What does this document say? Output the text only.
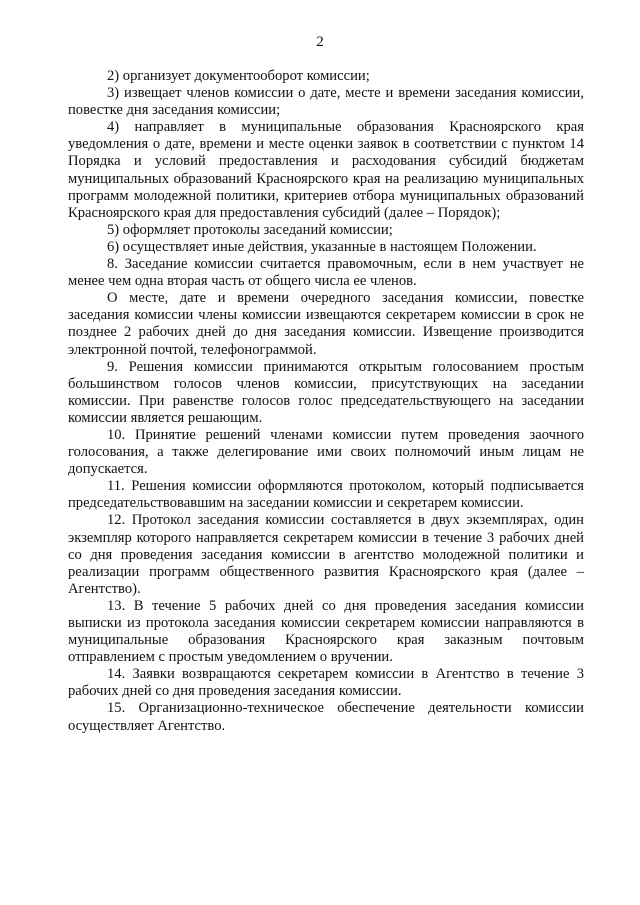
2

2) организует документооборот комиссии;

3) извещает членов комиссии о дате, месте и времени заседания комиссии, повестке дня заседания комиссии;

4) направляет в муниципальные образования Красноярского края уведомления о дате, времени и месте оценки заявок в соответствии с пунктом 14 Порядка и условий предоставления и расходования субсидий бюджетам муниципальных образований Красноярского края на реализацию муниципальных программ молодежной политики, критериев отбора муниципальных образований Красноярского края для предоставления субсидий (далее – Порядок);

5) оформляет протоколы заседаний комиссии;

6) осуществляет иные действия, указанные в настоящем Положении.

8. Заседание комиссии считается правомочным, если в нем участвует не менее чем одна вторая часть от общего числа ее членов.

О месте, дате и времени очередного заседания комиссии, повестке заседания комиссии члены комиссии извещаются секретарем комиссии в срок не позднее 2 рабочих дней до дня заседания комиссии. Извещение производится электронной почтой, телефонограммой.

9. Решения комиссии принимаются открытым голосованием простым большинством голосов членов комиссии, присутствующих на заседании комиссии. При равенстве голосов голос председательствующего на заседании комиссии является решающим.

10. Принятие решений членами комиссии путем проведения заочного голосования, а также делегирование ими своих полномочий иным лицам не допускается.

11. Решения комиссии оформляются протоколом, который подписывается председательствовавшим на заседании комиссии и секретарем комиссии.

12. Протокол заседания комиссии составляется в двух экземплярах, один экземпляр которого направляется секретарем комиссии в течение 3 рабочих дней со дня проведения заседания комиссии в агентство молодежной политики и реализации программ общественного развития Красноярского края (далее – Агентство).

13. В течение 5 рабочих дней со дня проведения заседания комиссии выписки из протокола заседания комиссии секретарем комиссии направляются в муниципальные образования Красноярского края заказным почтовым отправлением с простым уведомлением о вручении.

14. Заявки возвращаются секретарем комиссии в Агентство в течение 3 рабочих дней со дня проведения заседания комиссии.

15. Организационно-техническое обеспечение деятельности комиссии осуществляет Агентство.
